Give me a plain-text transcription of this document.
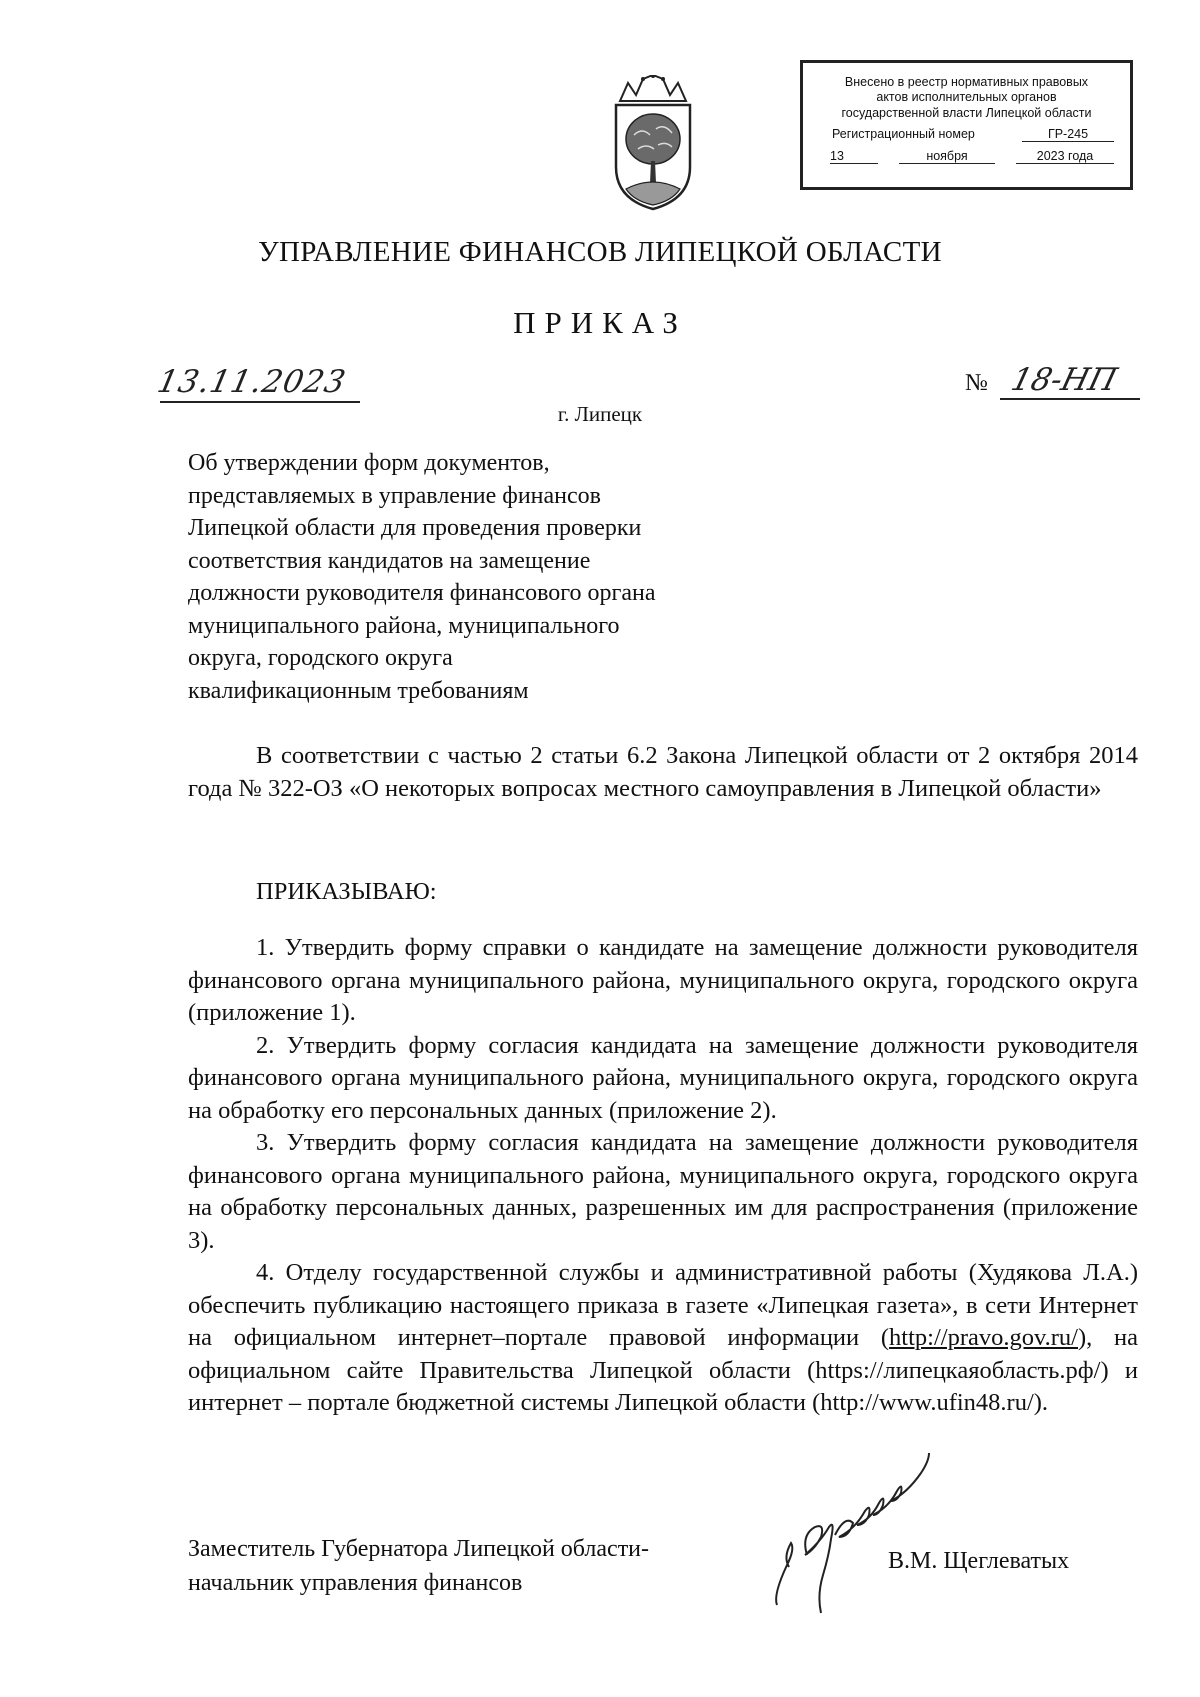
Внесено в реестр нормативных правовых
актов исполнительных органов
государственной власти Липецкой области
Регистрационный номер	ГР-245
13	ноября	2023 года
УПРАВЛЕНИЕ ФИНАНСОВ ЛИПЕЦКОЙ ОБЛАСТИ
ПРИКАЗ
13.11.2023	№ 18-НП
г. Липецк
Об утверждении форм документов,
представляемых в управление финансов
Липецкой области для проведения проверки
соответствия кандидатов на замещение
должности руководителя финансового органа
муниципального района, муниципального
округа, городского округа
квалификационным требованиям
В соответствии с частью 2 статьи 6.2 Закона Липецкой области от 2 октября 2014 года № 322-ОЗ «О некоторых вопросах местного самоуправления в Липецкой области»
ПРИКАЗЫВАЮ:

1. Утвердить форму справки о кандидате на замещение должности руководителя финансового органа муниципального района, муниципального округа, городского округа (приложение 1).

2. Утвердить форму согласия кандидата на замещение должности руководителя финансового органа муниципального района, муниципального округа, городского округа на обработку его персональных данных (приложение 2).

3. Утвердить форму согласия кандидата на замещение должности руководителя финансового органа муниципального района, муниципального округа, городского округа на обработку персональных данных, разрешенных им для распространения (приложение 3).

4. Отделу государственной службы и административной работы (Худякова Л.А.) обеспечить публикацию настоящего приказа в газете «Липецкая газета», в сети Интернет на официальном интернет–портале правовой информации (http://pravo.gov.ru/), на официальном сайте Правительства Липецкой области (https://липецкаяобласть.рф/) и интернет – портале бюджетной системы Липецкой области (http://www.ufin48.ru/).

Заместитель Губернатора Липецкой области-
начальник управления финансов
В.М. Щеглеватых
